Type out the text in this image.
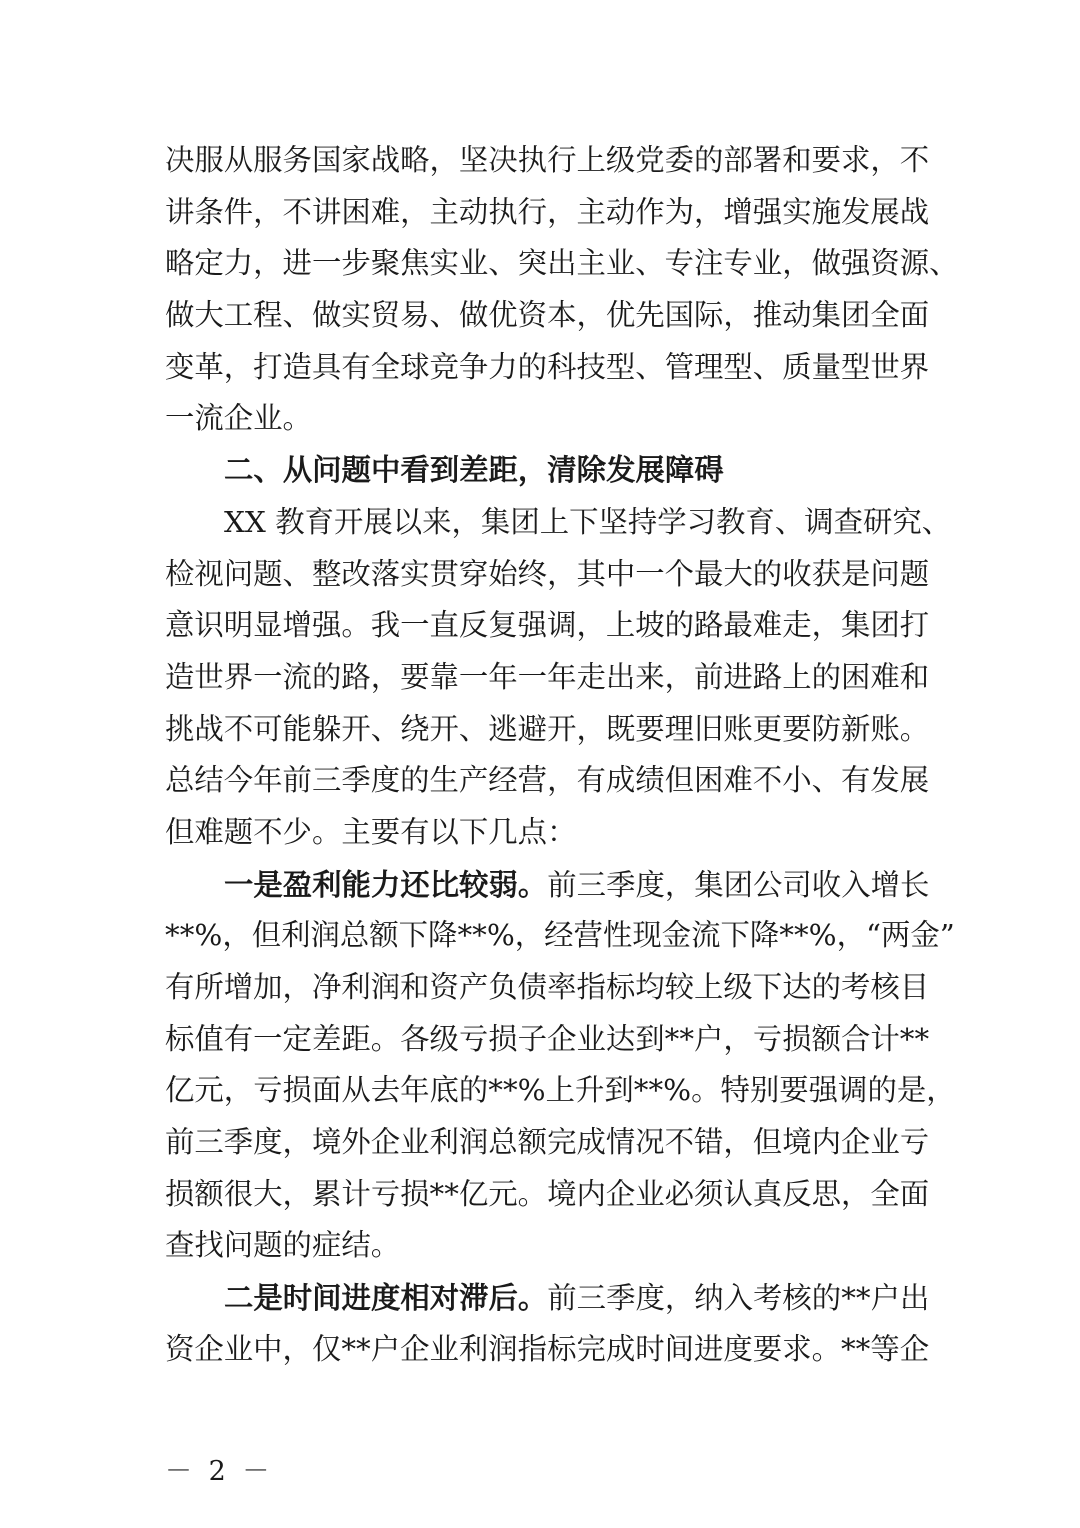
决服从服务国家战略，坚决执行上级党委的部署和要求，不
讲条件，不讲困难，主动执行，主动作为，增强实施发展战
略定力，进一步聚焦实业、突出主业、专注专业，做强资源、
做大工程、做实贸易、做优资本，优先国际，推动集团全面
变革，打造具有全球竞争力的科技型、管理型、质量型世界
一流企业。
二、从问题中看到差距，清除发展障碍
XX 教育开展以来，集团上下坚持学习教育、调查研究、
检视问题、整改落实贯穿始终，其中一个最大的收获是问题
意识明显增强。我一直反复强调，上坡的路最难走，集团打
造世界一流的路，要靠一年一年走出来，前进路上的困难和
挑战不可能躲开、绕开、逃避开，既要理旧账更要防新账。
总结今年前三季度的生产经营，有成绩但困难不小、有发展
但难题不少。主要有以下几点：
一是盈利能力还比较弱。前三季度，集团公司收入增长
**%，但利润总额下降**%，经营性现金流下降**%，“两金”
有所增加，净利润和资产负债率指标均较上级下达的考核目
标值有一定差距。各级亏损子企业达到**户，亏损额合计**
亿元，亏损面从去年底的**%上升到**%。特别要强调的是，
前三季度，境外企业利润总额完成情况不错，但境内企业亏
损额很大，累计亏损**亿元。境内企业必须认真反思，全面
查找问题的症结。
二是时间进度相对滞后。前三季度，纳入考核的**户出
资企业中，仅**户企业利润指标完成时间进度要求。**等企
－ 2 －
